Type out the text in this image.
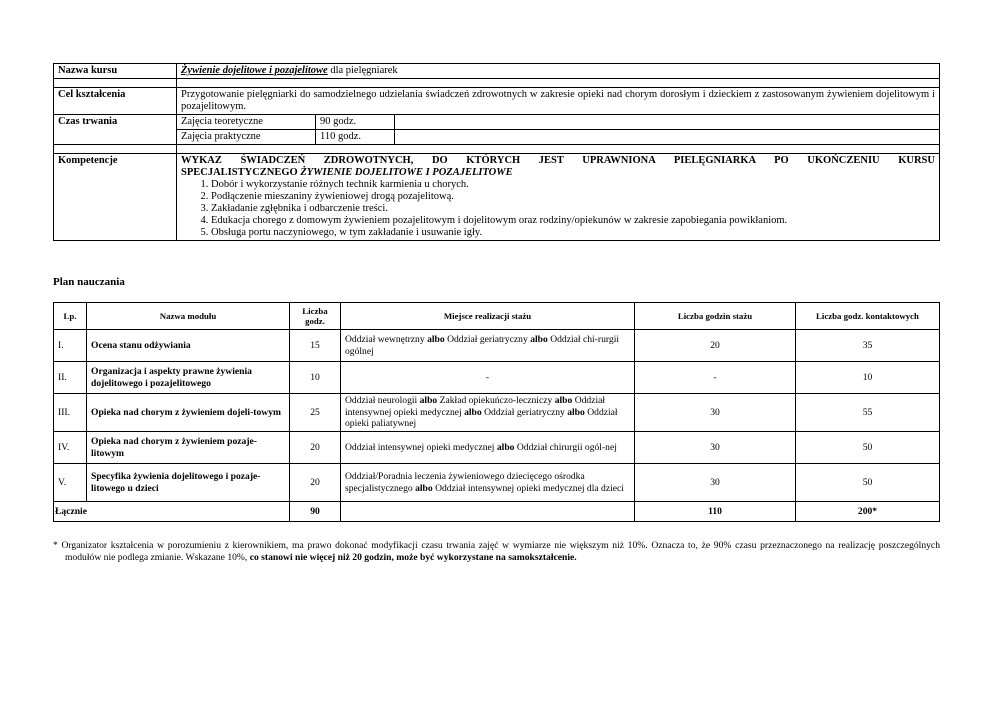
Nazwa kursu	Żywienie dojelitowe i pozajelitowe dla pielęgniarek

Cel kształcenia	Przygotowanie pielęgniarki do samodzielnego udzielania świadczeń zdrowotnych w zakresie opieki nad chorym dorosłym i dzieckiem z zastosowanym żywieniem dojelitowym i pozajelitowym.
Czas trwania		Zajęcia teoretyczne	90 godz.	
Zajęcia praktyczne	110 godz.	

Kompetencje	WYKAZ ŚWIADCZEŃ ZDROWOTNYCH, DO KTÓRYCH JEST UPRAWNIONA PIELĘGNIARKA PO UKOŃCZENIU KURSU
SPECJALISTYCZNEGO ŻYWIENIE DOJELITOWE I POZAJELITOWE
1. Dobór i wykorzystanie różnych technik karmienia u chorych.
2. Podłączenie mieszaniny żywieniowej drogą pozajelitową.
3. Zakładanie zgłębnika i odbarczenie treści.
4. Edukacja chorego z domowym żywieniem pozajelitowym i dojelitowym oraz rodziny/opiekunów w zakresie zapobiegania powikłaniom.
5. Obsługa portu naczyniowego, w tym zakładanie i usuwanie igły.
Plan nauczania
Lp.	Nazwa modułu	Liczba godz.	Miejsce realizacji stażu	Liczba godzin stażu	Liczba godz. kontaktowych
I.	Ocena stanu odżywiania	15	Oddział wewnętrzny albo Oddział geriatryczny albo Oddział chi-rurgii ogólnej	20	35
II.	Organizacja i aspekty prawne żywienia dojelitowego i pozajelitowego	10	-	-	10
III.	Opieka nad chorym z żywieniem dojeli-towym	25	Oddział neurologii albo Zakład opiekuńczo-leczniczy albo Oddział intensywnej opieki medycznej albo Oddział geriatryczny albo Oddział opieki paliatywnej	30	55
IV.	Opieka nad chorym z żywieniem pozaje-litowym	20	Oddział intensywnej opieki medycznej albo Oddział chirurgii ogól-nej	30	50
V.	Specyfika żywienia dojelitowego i pozaje-litowego u dzieci	20	Oddział/Poradnia leczenia żywieniowego dziecięcego ośrodka specjalistycznego albo Oddział intensywnej opieki medycznej dla dzieci	30	50
Łącznie		90		110	200*
* Organizator kształcenia w porozumieniu z kierownikiem, ma prawo dokonać modyfikacji czasu trwania zajęć w wymiarze nie większym niż 10%. Oznacza to, że 90% czasu przeznaczonego na realizację poszczególnych modułów nie podlega zmianie. Wskazane 10%, co stanowi nie więcej niż 20 godzin, może być wykorzystane na samokształcenie.
